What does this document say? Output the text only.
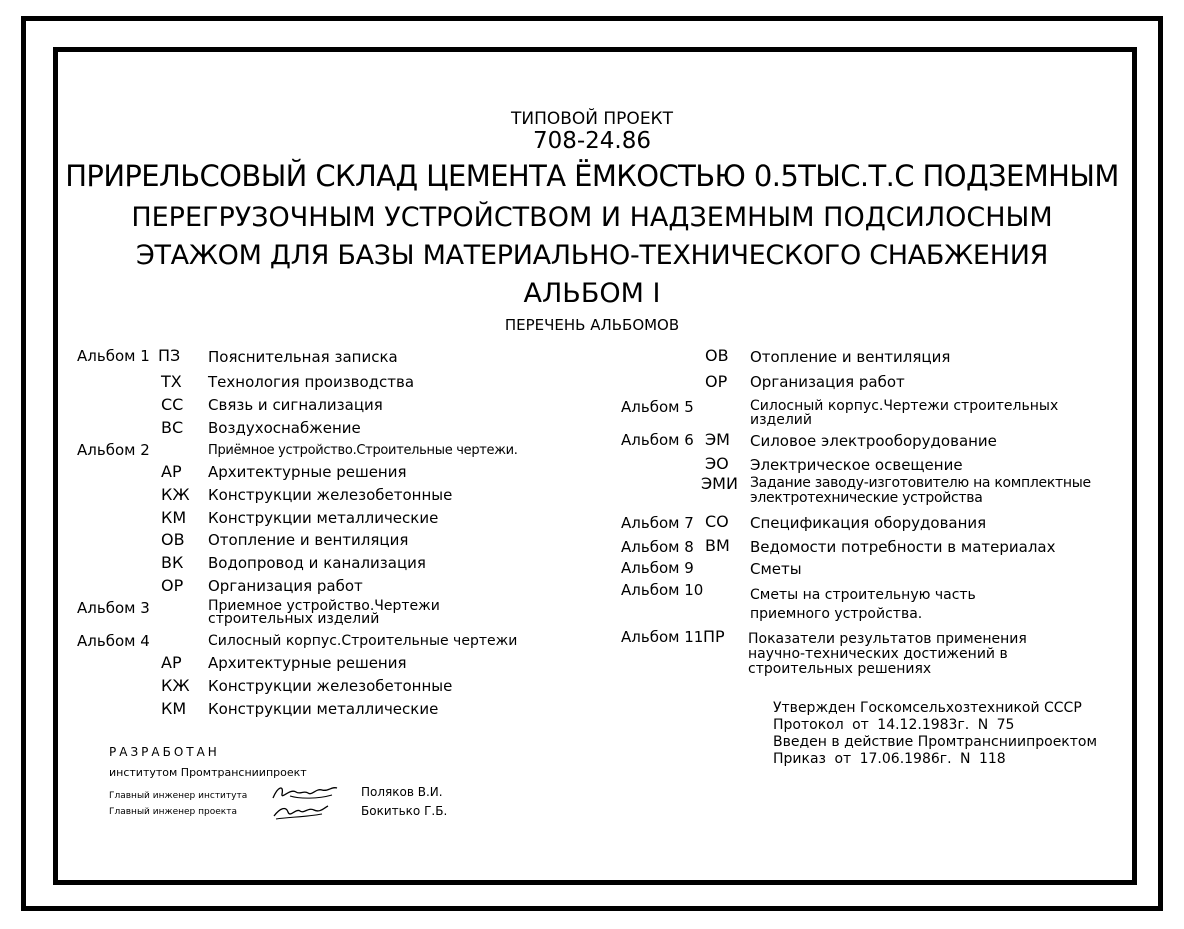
ТИПОВОЙ ПРОЕКТ
708-24.86
ПРИРЕЛЬСОВЫЙ СКЛАД ЦЕМЕНТА ЁМКОСТЬЮ 0.5ТЫС.Т.С ПОДЗЕМНЫМ
ПЕРЕГРУЗОЧНЫМ УСТРОЙСТВОМ И НАДЗЕМНЫМ ПОДСИЛОСНЫМ
ЭТАЖОМ ДЛЯ БАЗЫ МАТЕРИАЛЬНО-ТЕХНИЧЕСКОГО СНАБЖЕНИЯ
АЛЬБОМ I
ПЕРЕЧЕНЬ АЛЬБОМОВ
Альбом 1 ПЗ Пояснительная записка
ТХ Технология производства
СС Связь и сигнализация
ВС Воздухоснабжение
Альбом 2	Приёмное устройство.Строительные чертежи.
АР Архитектурные решения
КЖ Конструкции железобетонные
КМ Конструкции металлические
ОВ Отопление и вентиляция
ВК Водопровод и канализация
ОР Организация работ
Альбом 3	Приемное устройство.Чертежи строительных изделий
Альбом 4	Силосный корпус.Строительные чертежи
АР Архитектурные решения
КЖ Конструкции железобетонные
КМ Конструкции металлические
ОВ Отопление и вентиляция
ОР Организация работ
Альбом 5	Силосный корпус.Чертежи строительных изделий
Альбом 6 ЭМ Силовое электрооборудование
ЭО Электрическое освещение
ЭМИ Задание заводу-изготовителю на комплектные электротехнические устройства
Альбом 7 СО Спецификация оборудования
Альбом 8 ВМ Ведомости потребности в материалах
Альбом 9	Сметы
Альбом 10	Сметы на строительную часть приемного устройства.
Альбом 11 ПР Показатели результатов применения научно-технических достижений в строительных решениях
Утвержден Госкомсельхозтехникой СССР
Протокол от 14.12.1983г. N 75
Введен в действие Промтрансниипроектом
Приказ от 17.06.1986г. N 118
РАЗРАБОТАН
институтом Промтрансниипроект
Главный инженер института
Главный инженер проекта
Поляков В.И.
Бокитько Г.Б.
